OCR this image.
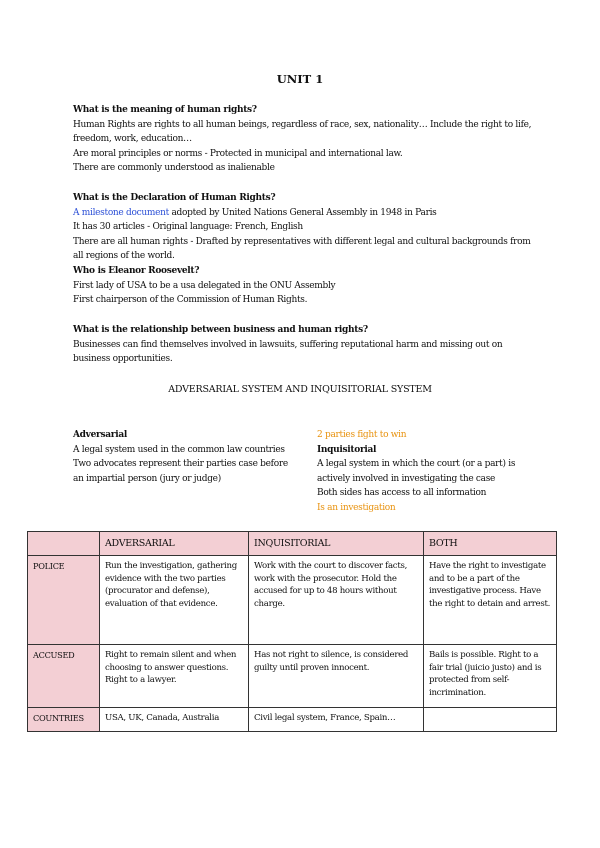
UNIT 1

What is the meaning of human rights?

Human Rights are rights to all human beings, regardless of race, sex, nationality… Include the right to life, freedom, work, education…

Are moral principles or norms - Protected in municipal and international law.

There are commonly understood as inalienable

What is the Declaration of Human Rights?

A milestone document adopted by United Nations General Assembly in 1948 in Paris

It has 30 articles - Original language: French, English

There are all human rights - Drafted by representatives with different legal and cultural backgrounds from all regions of the world.

Who is Eleanor Roosevelt?

First lady of USA to be a usa delegated in the ONU Assembly

First chairperson of the Commission of Human Rights.

What is the relationship between business and human rights?

Businesses can find themselves involved in lawsuits, suffering reputational harm and missing out on business opportunities.

ADVERSARIAL SYSTEM AND INQUISITORIAL SYSTEM

Adversarial

A legal system used in the common law countries

Two advocates represent their parties case before an impartial person (jury or judge)

2 parties fight to win

Inquisitorial

A legal system in which the court (or a part) is actively involved in investigating the case

Both sides has access to all information

Is an investigation

	ADVERSARIAL	INQUISITORIAL	BOTH
POLICE	Run the investigation, gathering evidence with the two parties (procurator and defense), evaluation of that evidence.	Work with the court to discover facts, work with the prosecutor. Hold the accused for up to 48 hours without charge.	Have the right to investigate and to be a part of the investigative process. Have the right to detain and arrest.
ACCUSED	Right to remain silent and when choosing to answer questions. Right to a lawyer.	Has not right to silence, is considered guilty until proven innocent.	Bails is possible. Right to a fair trial (juicio justo) and is protected from self-incrimination.
COUNTRIES	USA, UK, Canada, Australia	Civil legal system, France, Spain…	
